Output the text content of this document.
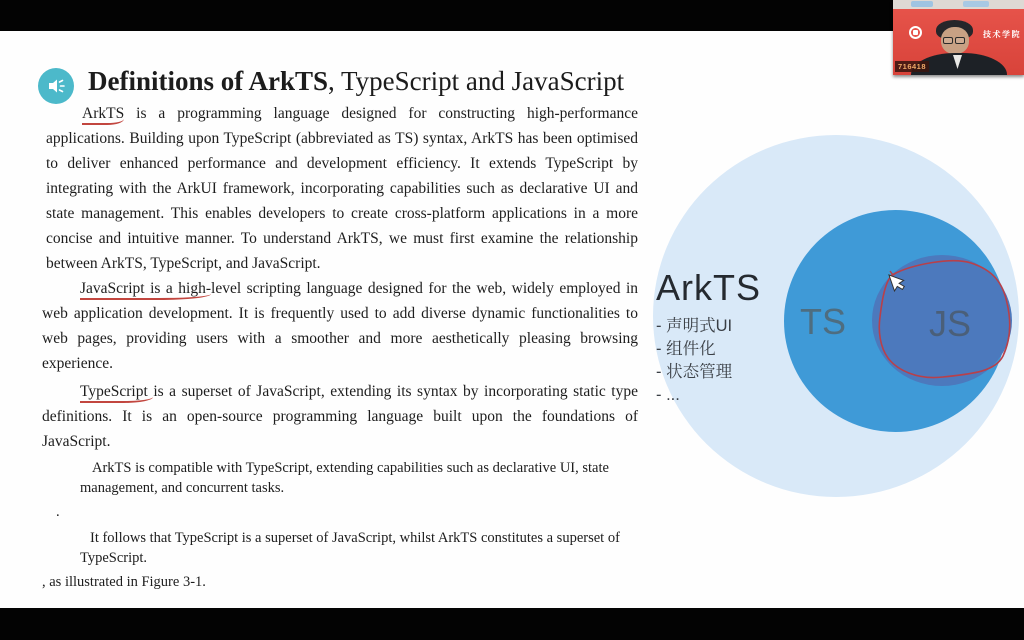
Definitions of ArkTS, TypeScript and JavaScript
ArkTS is a programming language designed for constructing high-performance applications. Building upon TypeScript (abbreviated as TS) syntax, ArkTS has been optimised to deliver enhanced performance and development efficiency. It extends TypeScript by integrating with the ArkUI framework, incorporating capabilities such as declarative UI and state management. This enables developers to create cross-platform applications in a more concise and intuitive manner. To understand ArkTS, we must first examine the relationship between ArkTS, TypeScript, and JavaScript.
JavaScript is a high-level scripting language designed for the web, widely employed in web application development. It is frequently used to add diverse dynamic functionalities to web pages, providing users with a smoother and more aesthetically pleasing browsing experience.
TypeScript is a superset of JavaScript, extending its syntax by incorporating static type definitions. It is an open-source programming language built upon the foundations of JavaScript.
ArkTS is compatible with TypeScript, extending capabilities such as declarative UI, state management, and concurrent tasks.
.
It follows that TypeScript is a superset of JavaScript, whilst ArkTS constitutes a superset of TypeScript.
, as illustrated in Figure 3-1.
ArkTS
- 声明式UI
- 组件化
- 状态管理
- ...
TS JS
技术学院
716418
